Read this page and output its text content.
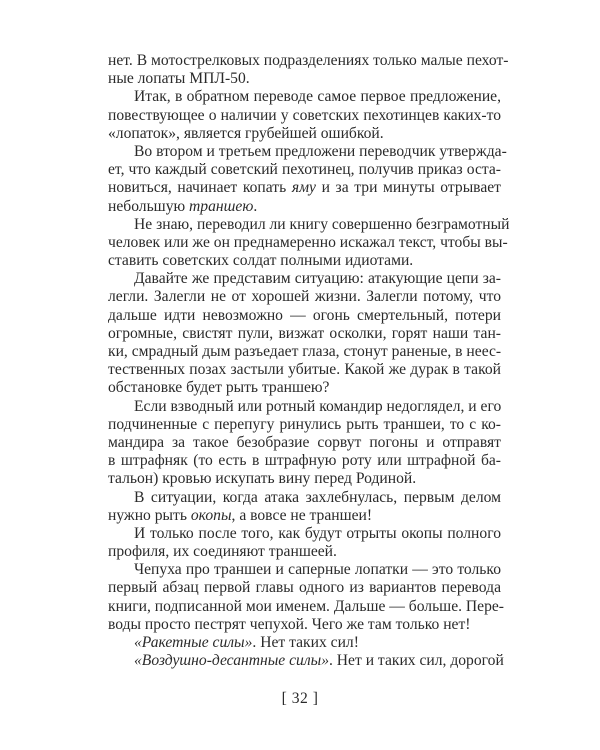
нет. В мотострелковых подразделениях только малые пехот-
ные лопаты МПЛ-50.
Итак, в обратном переводе самое первое предложение,
повествующее о наличии у советских пехотинцев каких-то
«лопаток», является грубейшей ошибкой.
Во втором и третьем предложени переводчик утвержда-
ет, что каждый советский пехотинец, получив приказ оста-
новиться, начинает копать яму и за три минуты отрывает
небольшую траншею.
Не знаю, переводил ли книгу совершенно безграмотный
человек или же он преднамеренно искажал текст, чтобы вы-
ставить советских солдат полными идиотами.
Давайте же представим ситуацию: атакующие цепи за-
легли. Залегли не от хорошей жизни. Залегли потому, что
дальше идти невозможно — огонь смертельный, потери
огромные, свистят пули, визжат осколки, горят наши тан-
ки, смрадный дым разъедает глаза, стонут раненые, в неес-
тественных позах застыли убитые. Какой же дурак в такой
обстановке будет рыть траншею?
Если взводный или ротный командир недоглядел, и его
подчиненные с перепугу ринулись рыть траншеи, то с ко-
мандира за такое безобразие сорвут погоны и отправят
в штрафняк (то есть в штрафную роту или штрафной ба-
тальон) кровью искупать вину перед Родиной.
В ситуации, когда атака захлебнулась, первым делом
нужно рыть окопы, а вовсе не траншеи!
И только после того, как будут отрыты окопы полного
профиля, их соединяют траншеей.
Чепуха про траншеи и саперные лопатки — это только
первый абзац первой главы одного из вариантов перевода
книги, подписанной мои именем. Дальше — больше. Пере-
воды просто пестрят чепухой. Чего же там только нет!
«Ракетные силы». Нет таких сил!
«Воздушно-десантные силы». Нет и таких сил, дорогой
[ 32 ]
